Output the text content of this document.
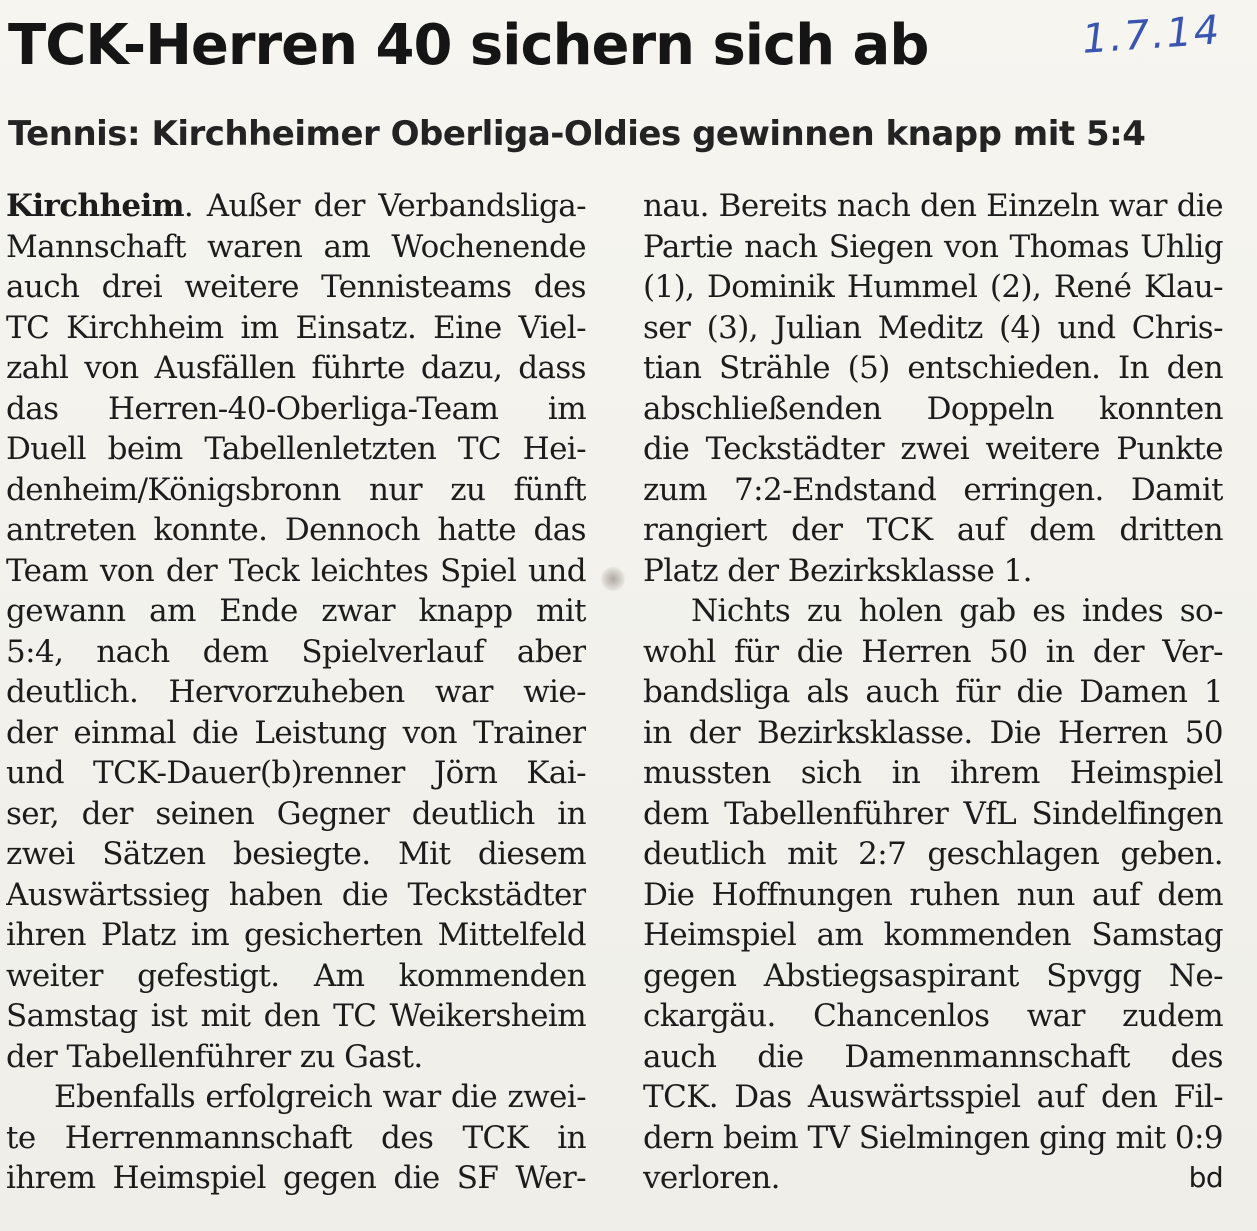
TCK-Herren 40 sichern sich ab	1.7.14
Tennis: Kirchheimer Oberliga-Oldies gewinnen knapp mit 5:4
Kirchheim. Außer der Verbandsliga-
Mannschaft waren am Wochenende
auch drei weitere Tennisteams des
TC Kirchheim im Einsatz. Eine Viel-
zahl von Ausfällen führte dazu, dass
das Herren-40-Oberliga-Team im
Duell beim Tabellenletzten TC Hei-
denheim/Königsbronn nur zu fünft
antreten konnte. Dennoch hatte das
Team von der Teck leichtes Spiel und
gewann am Ende zwar knapp mit
5:4, nach dem Spielverlauf aber
deutlich. Hervorzuheben war wie-
der einmal die Leistung von Trainer
und TCK-Dauer(b)renner Jörn Kai-
ser, der seinen Gegner deutlich in
zwei Sätzen besiegte. Mit diesem
Auswärtssieg haben die Teckstädter
ihren Platz im gesicherten Mittelfeld
weiter gefestigt. Am kommenden
Samstag ist mit den TC Weikersheim
der Tabellenführer zu Gast.
Ebenfalls erfolgreich war die zwei-
te Herrenmannschaft des TCK in
ihrem Heimspiel gegen die SF Wer-
nau. Bereits nach den Einzeln war die
Partie nach Siegen von Thomas Uhlig
(1), Dominik Hummel (2), René Klau-
ser (3), Julian Meditz (4) und Chris-
tian Strähle (5) entschieden. In den
abschließenden Doppeln konnten
die Teckstädter zwei weitere Punkte
zum 7:2-Endstand erringen. Damit
rangiert der TCK auf dem dritten
Platz der Bezirksklasse 1.
Nichts zu holen gab es indes so-
wohl für die Herren 50 in der Ver-
bandsliga als auch für die Damen 1
in der Bezirksklasse. Die Herren 50
mussten sich in ihrem Heimspiel
dem Tabellenführer VfL Sindelfingen
deutlich mit 2:7 geschlagen geben.
Die Hoffnungen ruhen nun auf dem
Heimspiel am kommenden Samstag
gegen Abstiegsaspirant Spvgg Ne-
ckargäu. Chancenlos war zudem
auch die Damenmannschaft des
TCK. Das Auswärtsspiel auf den Fil-
dern beim TV Sielmingen ging mit 0:9
verloren.	bd
